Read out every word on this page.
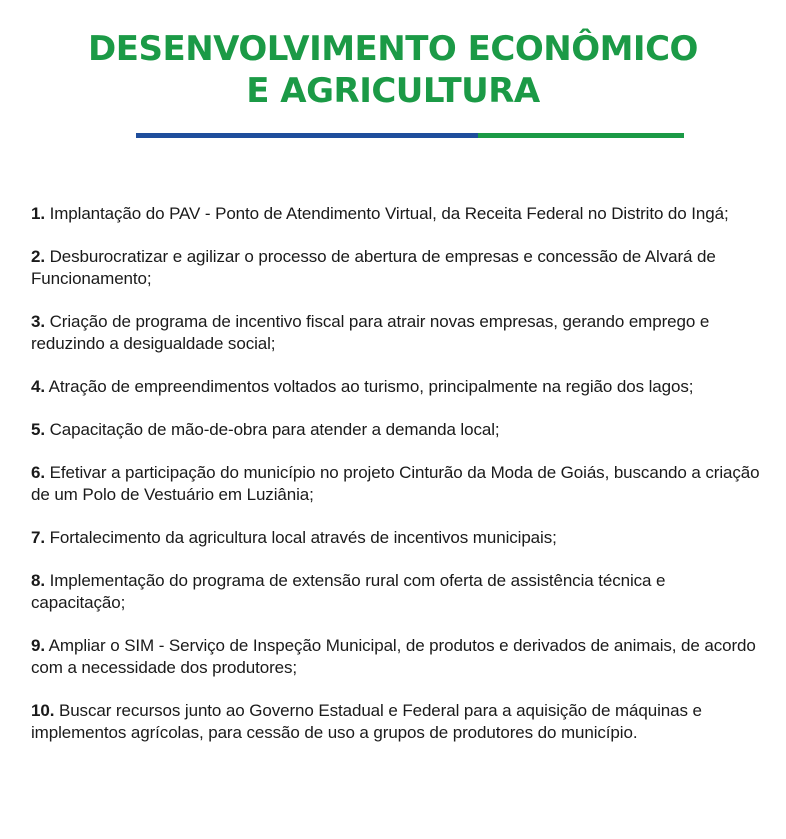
DESENVOLVIMENTO ECONÔMICO
E AGRICULTURA
1. Implantação do PAV - Ponto de Atendimento Virtual, da Receita Federal no Distrito do Ingá;
2. Desburocratizar e agilizar o processo de abertura de empresas e concessão de Alvará de Funcionamento;
3. Criação de programa de incentivo fiscal para atrair novas empresas, gerando emprego e reduzindo a desigualdade social;
4. Atração de empreendimentos voltados ao turismo, principalmente na região dos lagos;
5. Capacitação de mão-de-obra para atender a demanda local;
6. Efetivar a participação do município no projeto Cinturão da Moda de Goiás, buscando a criação de um Polo de Vestuário em Luziânia;
7. Fortalecimento da agricultura local através de incentivos municipais;
8. Implementação do programa de extensão rural com oferta de assistência técnica e capacitação;
9. Ampliar o SIM - Serviço de Inspeção Municipal, de produtos e derivados de animais, de acordo com a necessidade dos produtores;
10. Buscar recursos junto ao Governo Estadual e Federal para a aquisição de máquinas e implementos agrícolas, para cessão de uso a grupos de produtores do município.
